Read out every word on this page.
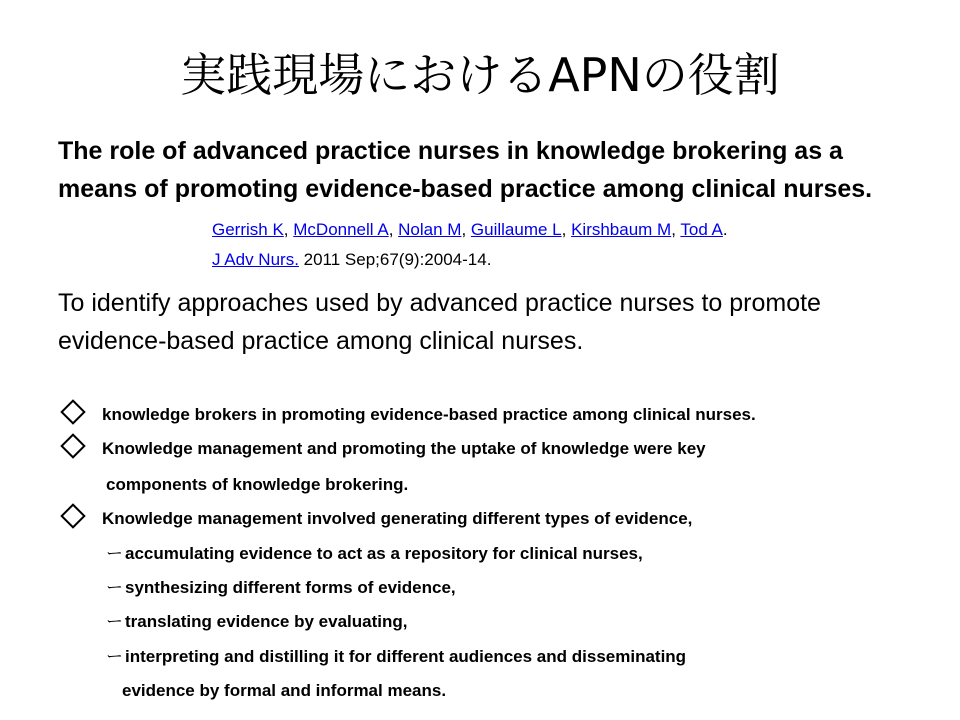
実践現場におけるAPNの役割
The role of advanced practice nurses in knowledge brokering as a means of promoting evidence-based practice among clinical nurses.
Gerrish K, McDonnell A, Nolan M, Guillaume L, Kirshbaum M, Tod A.
J Adv Nurs. 2011 Sep;67(9):2004-14.
To identify approaches used by advanced practice nurses to promote evidence-based practice among clinical nurses.
knowledge brokers in promoting evidence-based practice among clinical nurses.
Knowledge management and promoting the uptake of knowledge were key
components of knowledge brokering.
Knowledge management involved generating different types of evidence,
ー accumulating evidence to act as a repository for clinical nurses,
ー synthesizing different forms of evidence,
ー translating evidence by evaluating,
ー interpreting and distilling it for different audiences and disseminating
evidence by formal and informal means.
